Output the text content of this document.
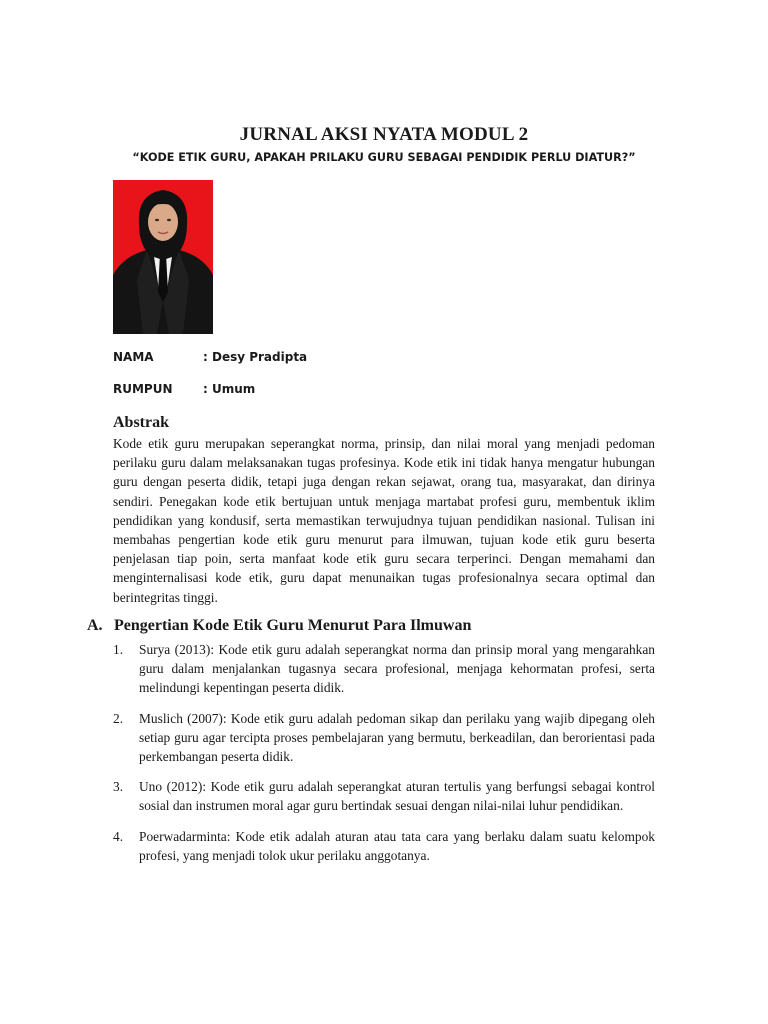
JURNAL AKSI NYATA MODUL 2
“KODE ETIK GURU, APAKAH PRILAKU GURU SEBAGAI PENDIDIK PERLU DIATUR?”
NAMA	: Desy Pradipta
RUMPUN	: Umum
Abstrak
Kode etik guru merupakan seperangkat norma, prinsip, dan nilai moral yang menjadi pedoman perilaku guru dalam melaksanakan tugas profesinya. Kode etik ini tidak hanya mengatur hubungan guru dengan peserta didik, tetapi juga dengan rekan sejawat, orang tua, masyarakat, dan dirinya sendiri. Penegakan kode etik bertujuan untuk menjaga martabat profesi guru, membentuk iklim pendidikan yang kondusif, serta memastikan terwujudnya tujuan pendidikan nasional. Tulisan ini membahas pengertian kode etik guru menurut para ilmuwan, tujuan kode etik guru beserta penjelasan tiap poin, serta manfaat kode etik guru secara terperinci. Dengan memahami dan menginternalisasi kode etik, guru dapat menunaikan tugas profesionalnya secara optimal dan berintegritas tinggi.
A. Pengertian Kode Etik Guru Menurut Para Ilmuwan
1. Surya (2013): Kode etik guru adalah seperangkat norma dan prinsip moral yang mengarahkan guru dalam menjalankan tugasnya secara profesional, menjaga kehormatan profesi, serta melindungi kepentingan peserta didik.
2. Muslich (2007): Kode etik guru adalah pedoman sikap dan perilaku yang wajib dipegang oleh setiap guru agar tercipta proses pembelajaran yang bermutu, berkeadilan, dan berorientasi pada perkembangan peserta didik.
3. Uno (2012): Kode etik guru adalah seperangkat aturan tertulis yang berfungsi sebagai kontrol sosial dan instrumen moral agar guru bertindak sesuai dengan nilai-nilai luhur pendidikan.
4. Poerwadarminta: Kode etik adalah aturan atau tata cara yang berlaku dalam suatu kelompok profesi, yang menjadi tolok ukur perilaku anggotanya.
